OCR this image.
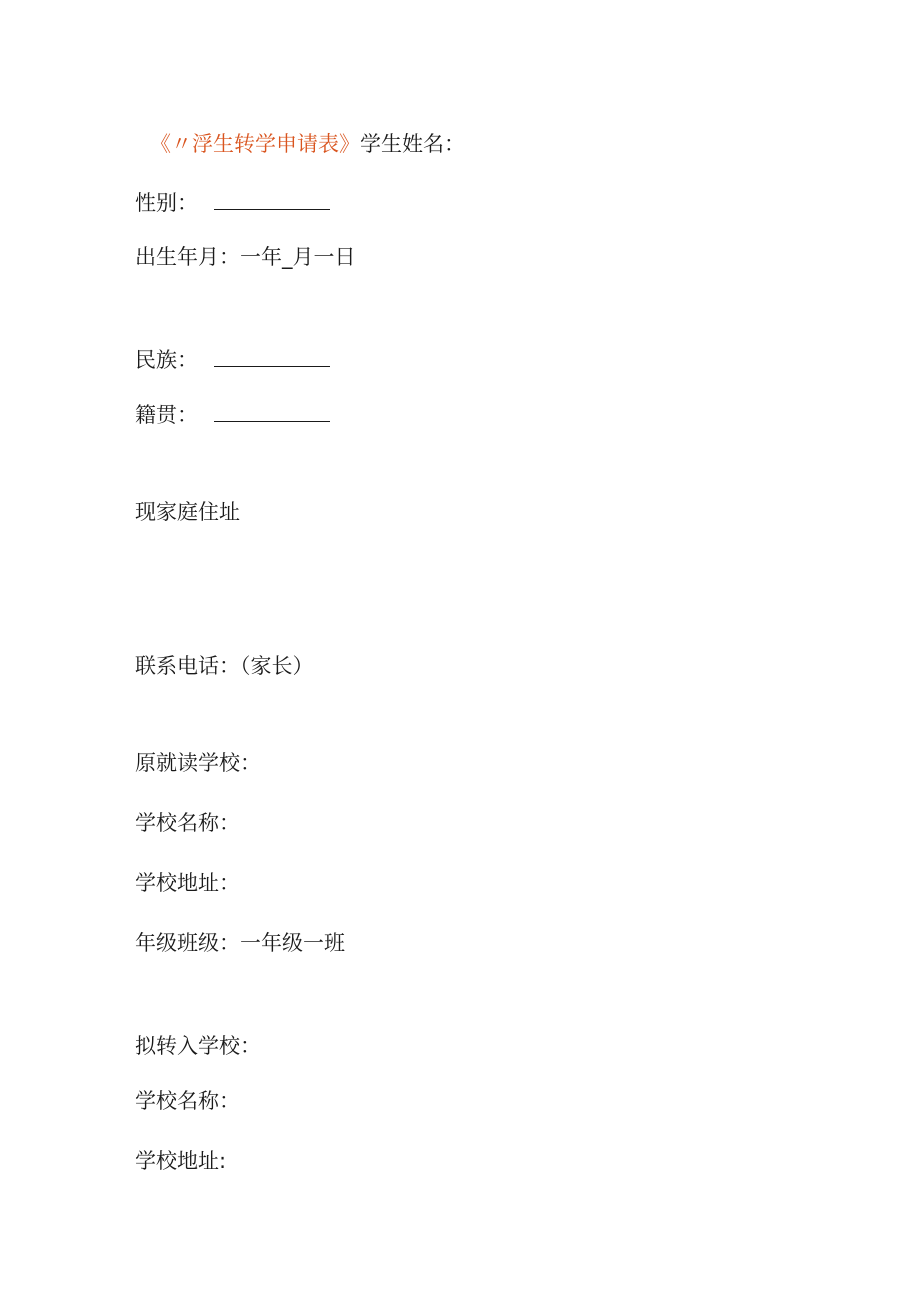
《〃浮生转学申请表》学生姓名：
性别：
出生年月：一年_月一日
民族：
籍贯：
现家庭住址
联系电话：（家长）
原就读学校：
学校名称：
学校地址：
年级班级：一年级一班
拟转入学校：
学校名称：
学校地址:
